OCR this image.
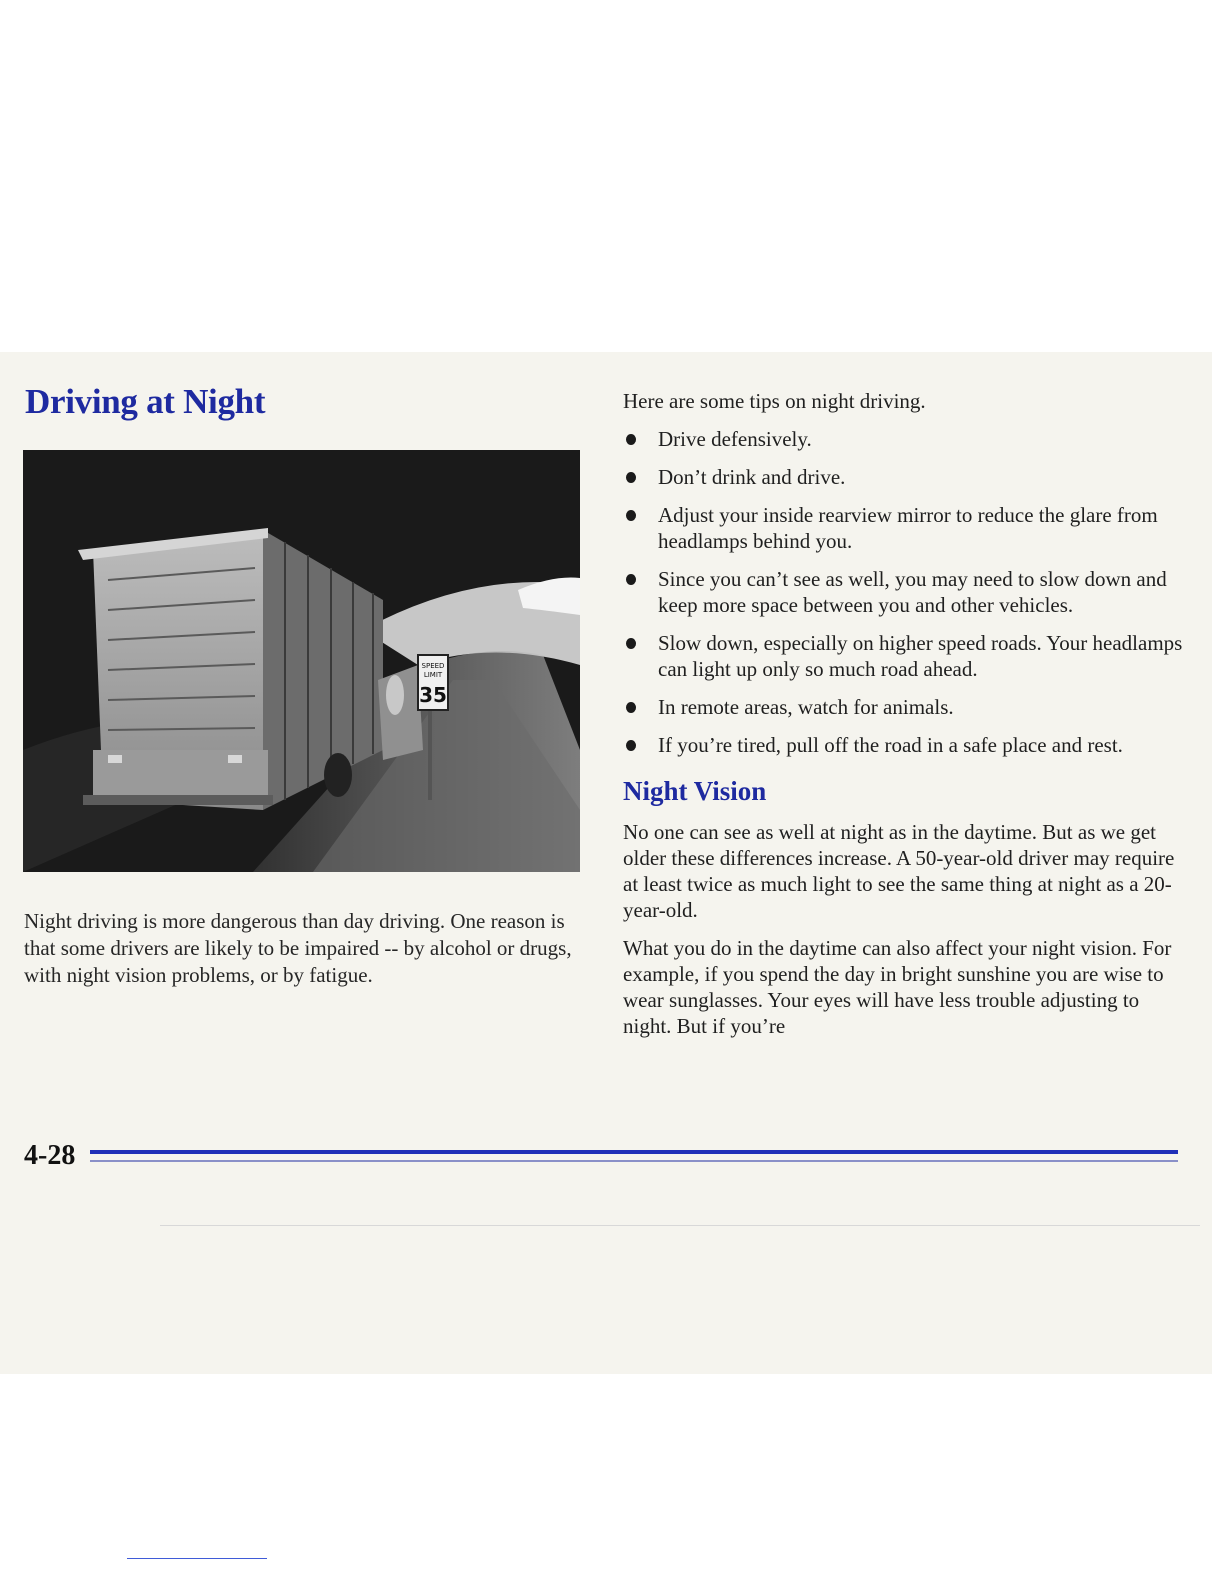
Driving at Night
SPEED
LIMIT
35

Night driving is more dangerous than day driving. One reason is that some drivers are likely to be impaired -- by alcohol or drugs, with night vision problems, or by fatigue.

Here are some tips on night driving.

Drive defensively.
Don’t drink and drive.
Adjust your inside rearview mirror to reduce the glare from headlamps behind you.
Since you can’t see as well, you may need to slow down and keep more space between you and other vehicles.
Slow down, especially on higher speed roads. Your headlamps can light up only so much road ahead.
In remote areas, watch for animals.
If you’re tired, pull off the road in a safe place and rest.
Night Vision

No one can see as well at night as in the daytime. But as we get older these differences increase. A 50-year-old driver may require at least twice as much light to see the same thing at night as a 20-year-old.

What you do in the daytime can also affect your night vision. For example, if you spend the day in bright sunshine you are wise to wear sunglasses. Your eyes will have less trouble adjusting to night. But if you’re

4-28
